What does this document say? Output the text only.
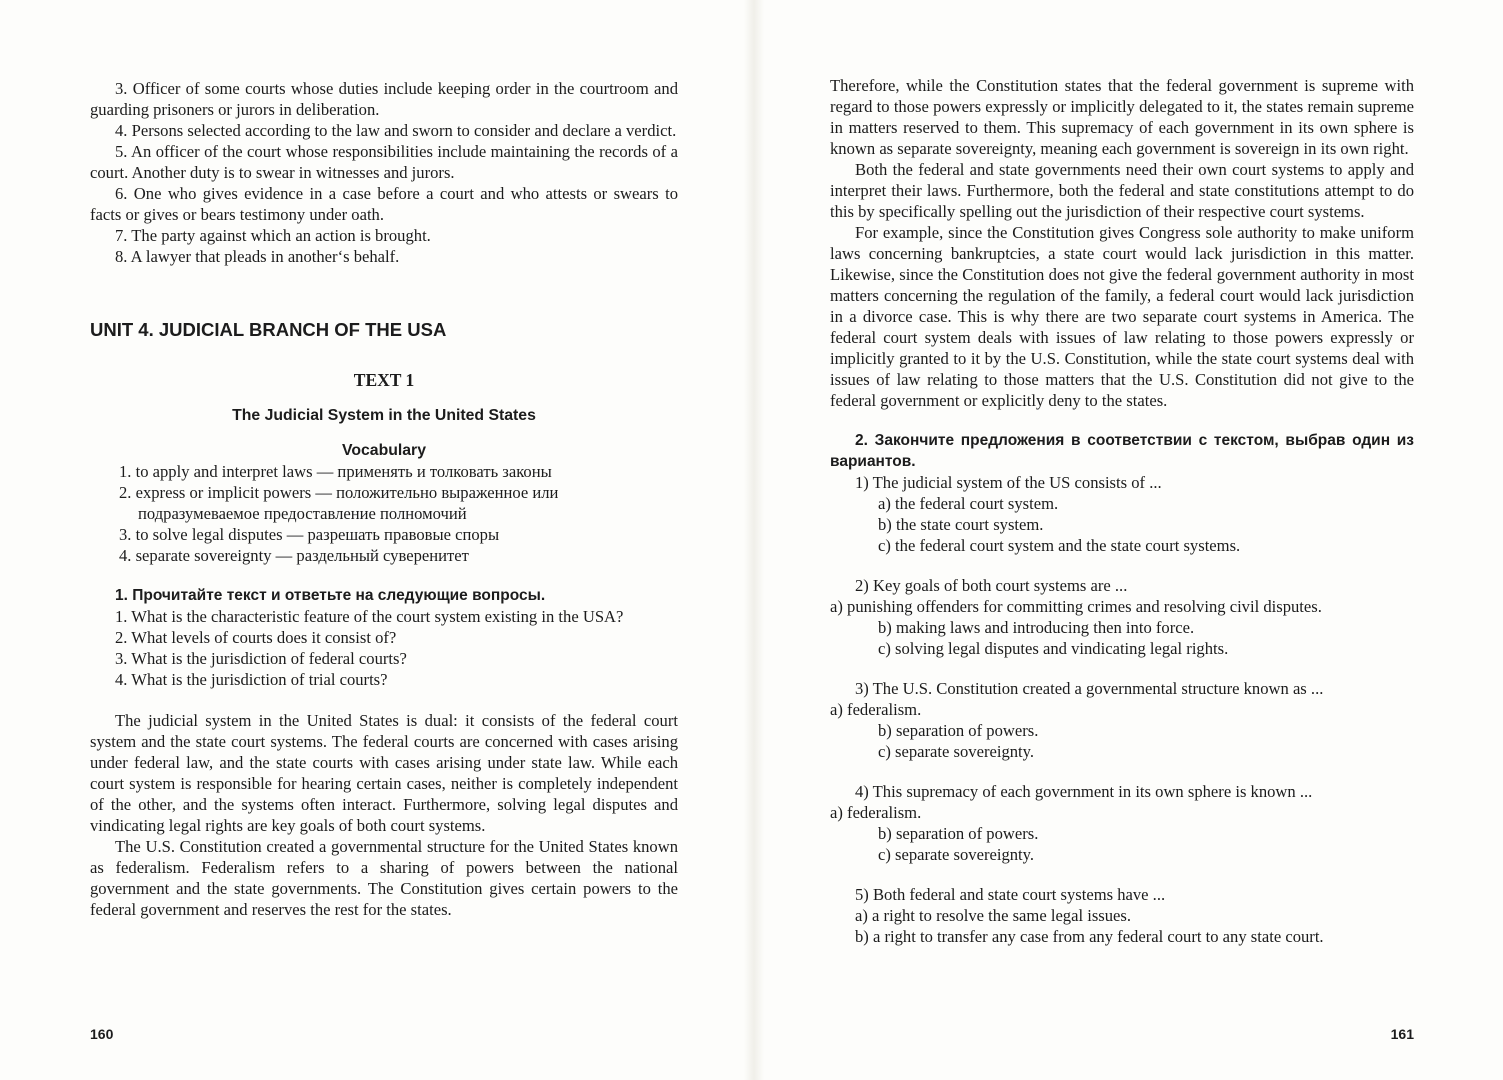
3. Officer of some courts whose duties include keeping order in the courtroom and guarding prisoners or jurors in deliberation.

4. Persons selected according to the law and sworn to consider and declare a verdict.

5. An officer of the court whose responsibilities include maintaining the records of a court. Another duty is to swear in witnesses and jurors.

6. One who gives evidence in a case before a court and who attests or swears to facts or gives or bears testimony under oath.

7. The party against which an action is brought.

8. A lawyer that pleads in another‘s behalf.

UNIT 4. JUDICIAL BRANCH OF THE USA

TEXT 1

The Judicial System in the United States

Vocabulary

1. to apply and interpret laws — применять и толковать законы

2. express or implicit powers — положительно выраженное или подразумеваемое предоставление полномочий

3. to solve legal disputes — разрешать правовые споры

4. separate sovereignty — раздельный суверенитет

1. Прочитайте текст и ответьте на следующие вопросы.

1. What is the characteristic feature of the court system existing in the USA?

2. What levels of courts does it consist of?

3. What is the jurisdiction of federal courts?

4. What is the jurisdiction of trial courts?

The judicial system in the United States is dual: it consists of the federal court system and the state court systems. The federal courts are concerned with cases arising under federal law, and the state courts with cases arising under state law. While each court system is responsible for hearing certain cases, neither is completely independent of the other, and the systems often interact. Furthermore, solving legal disputes and vindicating legal rights are key goals of both court systems.

The U.S. Constitution created a governmental structure for the United States known as federalism. Federalism refers to a sharing of powers between the national government and the state governments. The Constitution gives certain powers to the federal government and reserves the rest for the states.

160

Therefore, while the Constitution states that the federal government is supreme with regard to those powers expressly or implicitly delegated to it, the states remain supreme in matters reserved to them. This supremacy of each government in its own sphere is known as separate sovereignty, meaning each government is sovereign in its own right.

Both the federal and state governments need their own court systems to apply and interpret their laws. Furthermore, both the federal and state constitutions attempt to do this by specifically spelling out the jurisdiction of their respective court systems.

For example, since the Constitution gives Congress sole authority to make uniform laws concerning bankruptcies, a state court would lack jurisdiction in this matter. Likewise, since the Constitution does not give the federal government authority in most matters concerning the regulation of the family, a federal court would lack jurisdiction in a divorce case. This is why there are two separate court systems in America. The federal court system deals with issues of law relating to those powers expressly or implicitly granted to it by the U.S. Constitution, while the state court systems deal with issues of law relating to those matters that the U.S. Constitution did not give to the federal government or explicitly deny to the states.

2. Закончите предложения в соответствии с текстом, выбрав один из вариантов.

1) The judicial system of the US consists of ...

a) the federal court system.

b) the state court system.

c) the federal court system and the state court systems.

2) Key goals of both court systems are ...

a) punishing offenders for committing crimes and resolving civil disputes.

b) making laws and introducing then into force.

c) solving legal disputes and vindicating legal rights.

3) The U.S. Constitution created a governmental structure known as ...

a) federalism.

b) separation of powers.

c) separate sovereignty.

4) This supremacy of each government in its own sphere is known ...

a) federalism.

b) separation of powers.

c) separate sovereignty.

5) Both federal and state court systems have ...

a) a right to resolve the same legal issues.

b) a right to transfer any case from any federal court to any state court.

161
